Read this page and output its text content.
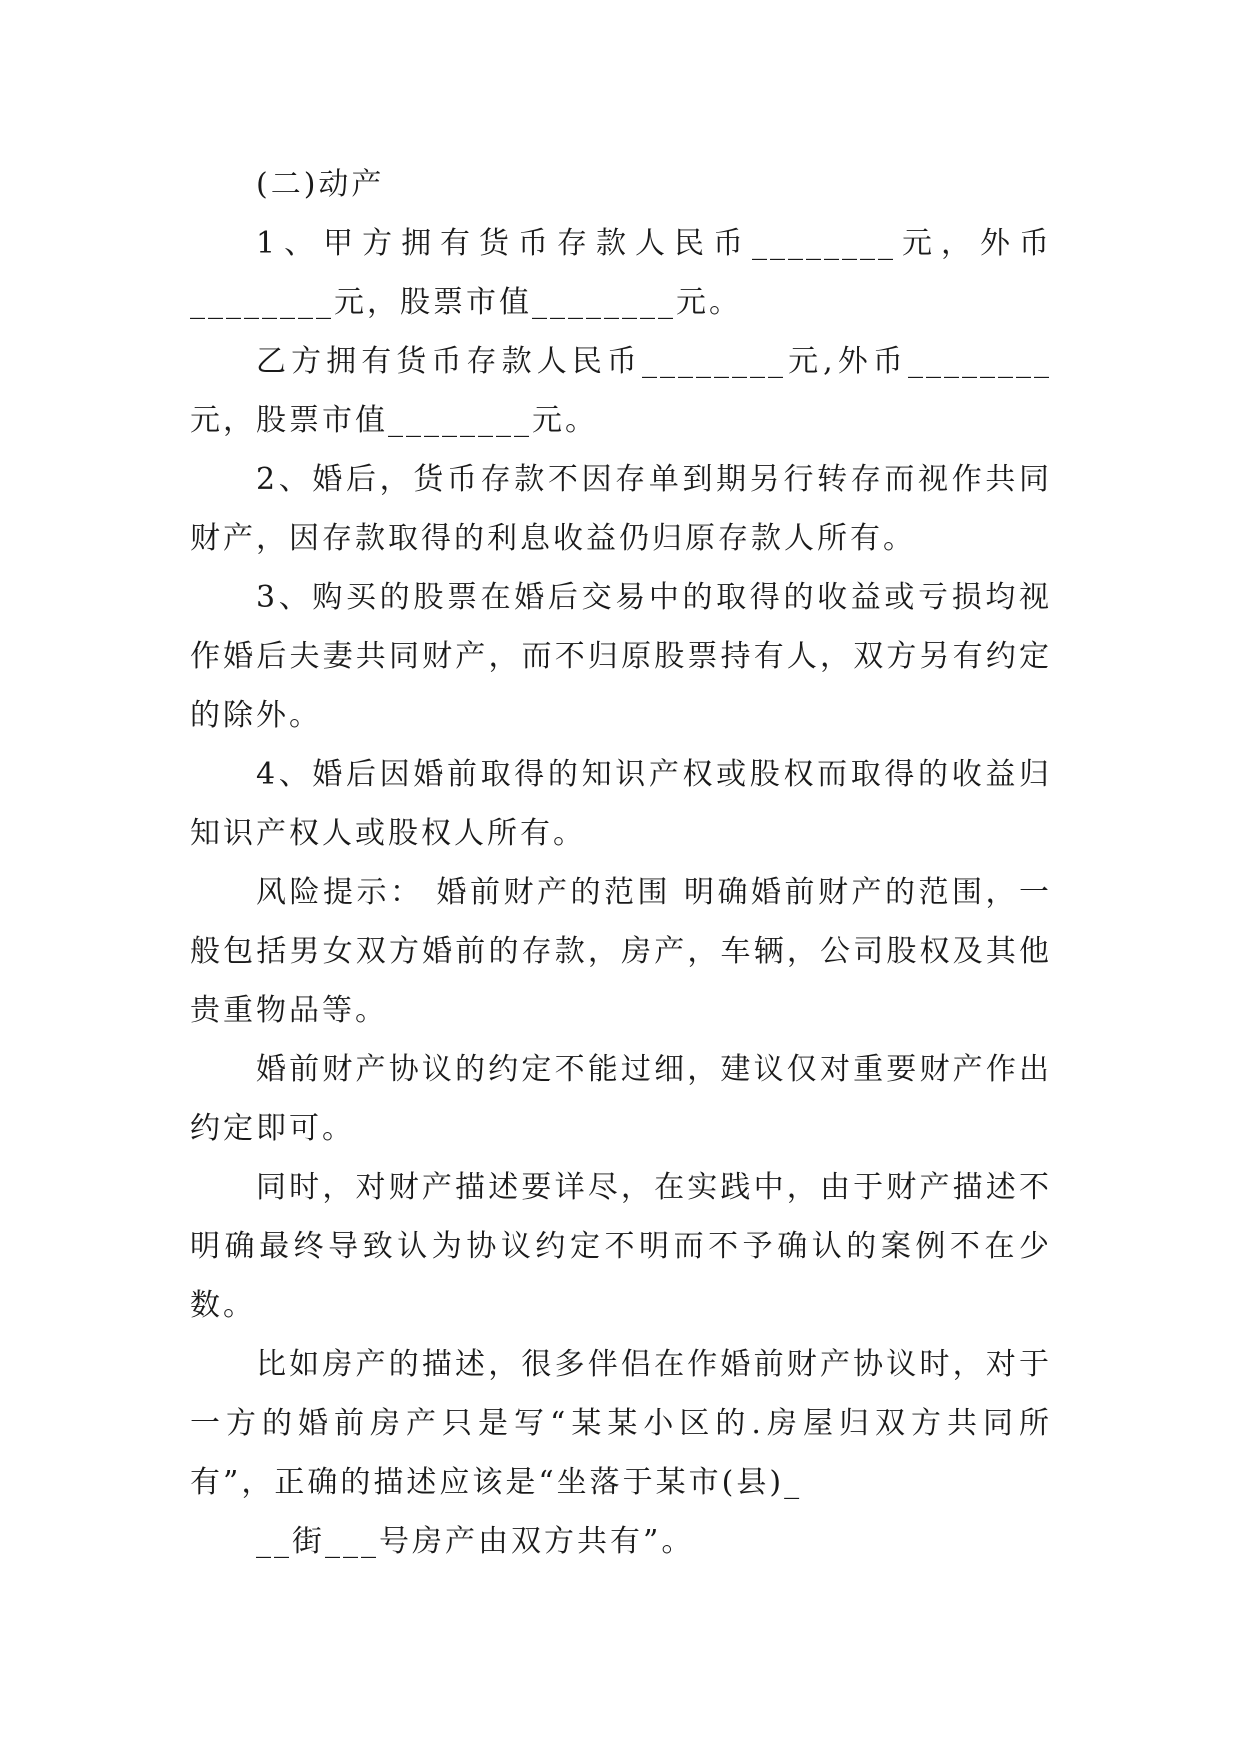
(二)动产

1、甲方拥有货币存款人民币________元，外币________元，股票市值________元。

乙方拥有货币存款人民币________元,外币________元，股票市值________元。

2、婚后，货币存款不因存单到期另行转存而视作共同财产，因存款取得的利息收益仍归原存款人所有。

3、购买的股票在婚后交易中的取得的收益或亏损均视作婚后夫妻共同财产，而不归原股票持有人，双方另有约定的除外。

4、婚后因婚前取得的知识产权或股权而取得的收益归知识产权人或股权人所有。

风险提示： 婚前财产的范围 明确婚前财产的范围，一般包括男女双方婚前的存款，房产，车辆，公司股权及其他贵重物品等。

婚前财产协议的约定不能过细，建议仅对重要财产作出约定即可。

同时，对财产描述要详尽，在实践中，由于财产描述不明确最终导致认为协议约定不明而不予确认的案例不在少数。

比如房产的描述，很多伴侣在作婚前财产协议时，对于一方的婚前房产只是写“某某小区的.房屋归双方共同所有”，正确的描述应该是“坐落于某市(县)_

__街___号房产由双方共有”。
